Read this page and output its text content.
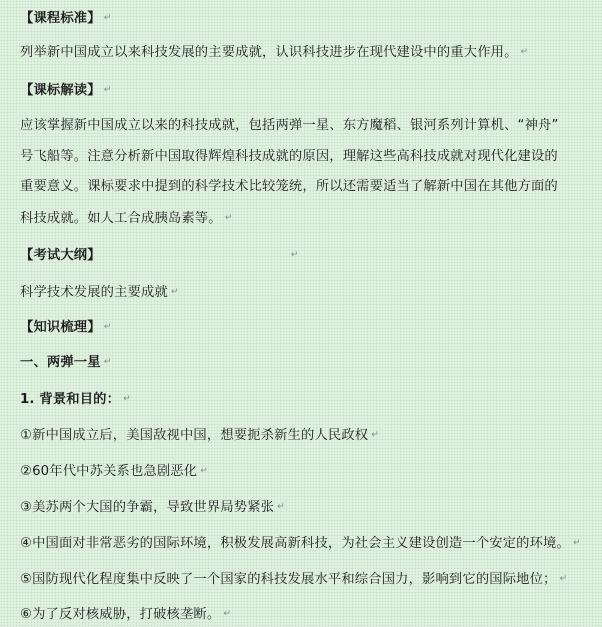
【课程标准】 ↵
列举新中国成立以来科技发展的主要成就，认识科技进步在现代建设中的重大作用。 ↵
【课标解读】 ↵
应该掌握新中国成立以来的科技成就，包括两弹一星、东方魔稻、银河系列计算机、“神舟”
号飞船等。注意分析新中国取得辉煌科技成就的原因，理解这些高科技成就对现代化建设的
重要意义。课标要求中提到的科学技术比较笼统，所以还需要适当了解新中国在其他方面的
科技成就。如人工合成胰岛素等。 ↵
【考试大纲】	↵
科学技术发展的主要成就 ↵
【知识梳理】 ↵
一、两弹一星 ↵
1. 背景和目的： ↵
①新中国成立后，美国敌视中国，想要扼杀新生的人民政权 ↵
②60年代中苏关系也急剧恶化 ↵
③美苏两个大国的争霸，导致世界局势紧张 ↵
④中国面对非常恶劣的国际环境，积极发展高新科技，为社会主义建设创造一个安定的环境。 ↵
⑤国防现代化程度集中反映了一个国家的科技发展水平和综合国力，影响到它的国际地位； ↵
⑥为了反对核威胁，打破核垄断。 ↵
